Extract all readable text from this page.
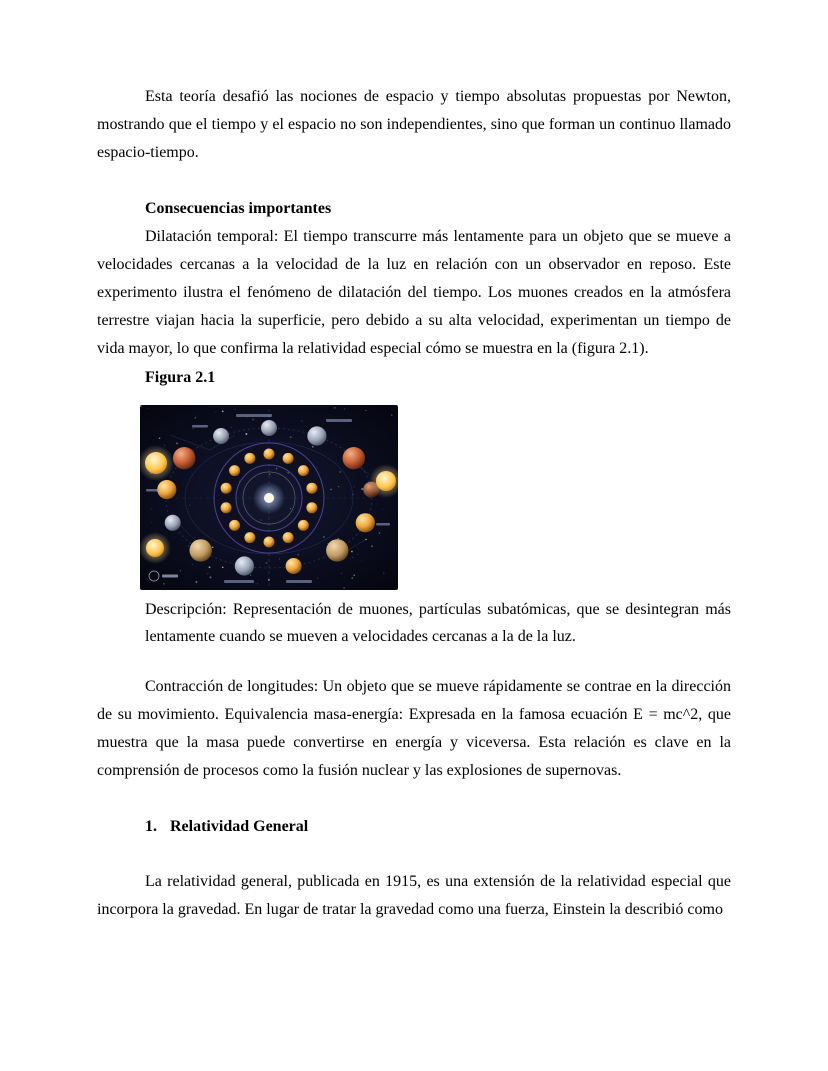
Esta teoría desafió las nociones de espacio y tiempo absolutas propuestas por Newton, mostrando que el tiempo y el espacio no son independientes, sino que forman un continuo llamado espacio-tiempo.

Consecuencias importantes

Dilatación temporal: El tiempo transcurre más lentamente para un objeto que se mueve a velocidades cercanas a la velocidad de la luz en relación con un observador en reposo. Este experimento ilustra el fenómeno de dilatación del tiempo. Los muones creados en la atmósfera terrestre viajan hacia la superficie, pero debido a su alta velocidad, experimentan un tiempo de vida mayor, lo que confirma la relatividad especial cómo se muestra en la (figura 2.1).

Figura 2.1

Descripción: Representación de muones, partículas subatómicas, que se desintegran más lentamente cuando se mueven a velocidades cercanas a la de la luz.

Contracción de longitudes: Un objeto que se mueve rápidamente se contrae en la dirección de su movimiento. Equivalencia masa-energía: Expresada en la famosa ecuación E = mc^2, que muestra que la masa puede convertirse en energía y viceversa. Esta relación es clave en la comprensión de procesos como la fusión nuclear y las explosiones de supernovas.

1. Relatividad General

La relatividad general, publicada en 1915, es una extensión de la relatividad especial que incorpora la gravedad. En lugar de tratar la gravedad como una fuerza, Einstein la describió como
